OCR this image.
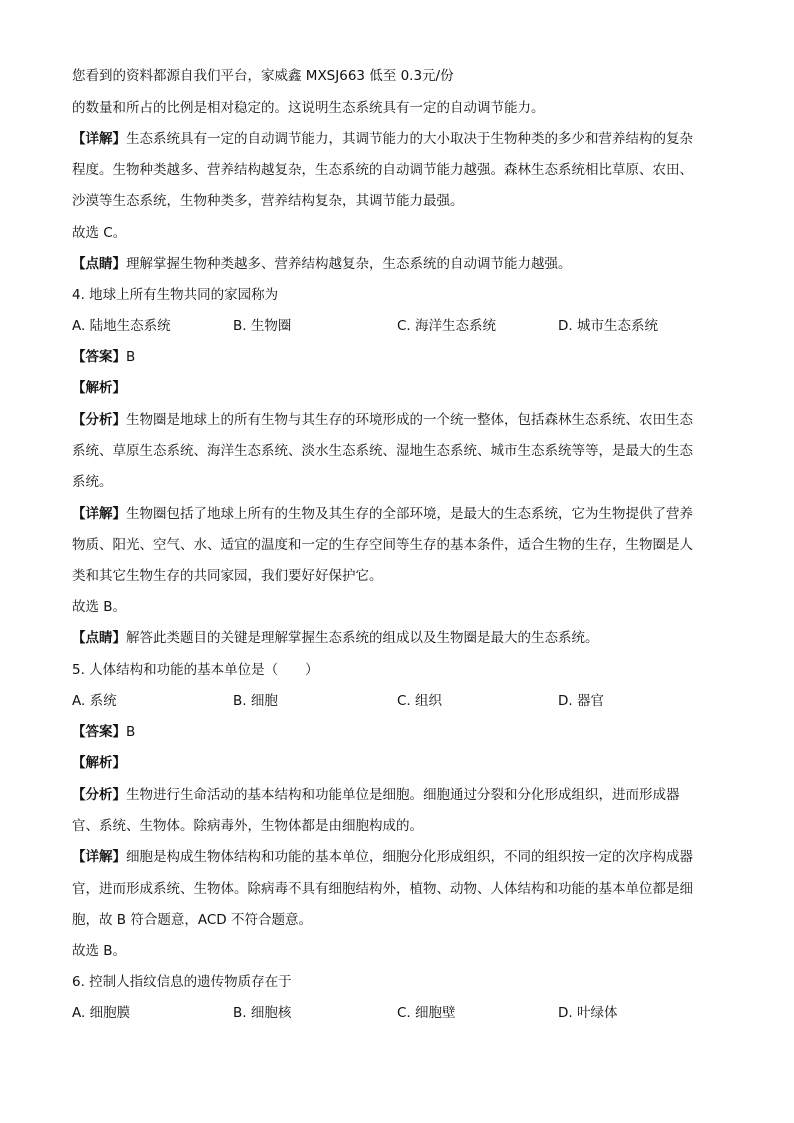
您看到的资料都源自我们平台，家威鑫 MXSJ663 低至 0.3元/份
的数量和所占的比例是相对稳定的。这说明生态系统具有一定的自动调节能力。
【详解】生态系统具有一定的自动调节能力，其调节能力的大小取决于生物种类的多少和营养结构的复杂
程度。生物种类越多、营养结构越复杂，生态系统的自动调节能力越强。森林生态系统相比草原、农田、
沙漠等生态系统，生物种类多，营养结构复杂，其调节能力最强。
故选 C。
【点睛】理解掌握生物种类越多、营养结构越复杂，生态系统的自动调节能力越强。
4. 地球上所有生物共同的家园称为
A. 陆地生态系统	B. 生物圈	C. 海洋生态系统	D. 城市生态系统
【答案】B
【解析】
【分析】生物圈是地球上的所有生物与其生存的环境形成的一个统一整体，包括森林生态系统、农田生态
系统、草原生态系统、海洋生态系统、淡水生态系统、湿地生态系统、城市生态系统等等，是最大的生态
系统。
【详解】生物圈包括了地球上所有的生物及其生存的全部环境，是最大的生态系统，它为生物提供了营养
物质、阳光、空气、水、适宜的温度和一定的生存空间等生存的基本条件，适合生物的生存，生物圈是人
类和其它生物生存的共同家园，我们要好好保护它。
故选 B。
【点睛】解答此类题目的关键是理解掌握生态系统的组成以及生物圈是最大的生态系统。
5. 人体结构和功能的基本单位是（　　）
A. 系统	B. 细胞	C. 组织	D. 器官
【答案】B
【解析】
【分析】生物进行生命活动的基本结构和功能单位是细胞。细胞通过分裂和分化形成组织，进而形成器
官、系统、生物体。除病毒外，生物体都是由细胞构成的。
【详解】细胞是构成生物体结构和功能的基本单位，细胞分化形成组织，不同的组织按一定的次序构成器
官，进而形成系统、生物体。除病毒不具有细胞结构外，植物、动物、人体结构和功能的基本单位都是细
胞，故 B 符合题意，ACD 不符合题意。
故选 B。
6. 控制人指纹信息的遗传物质存在于
A. 细胞膜	B. 细胞核	C. 细胞壁	D. 叶绿体
